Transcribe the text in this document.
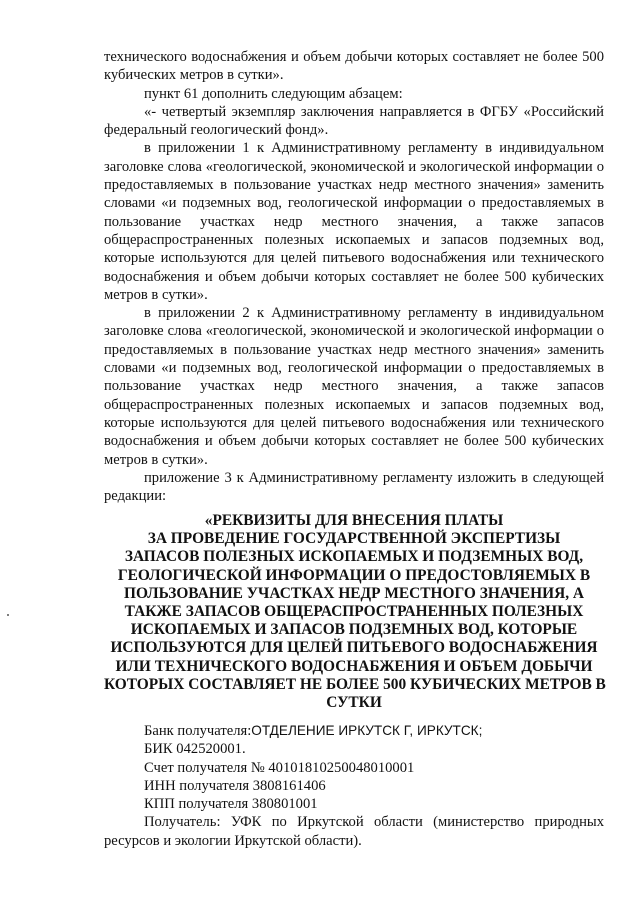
технического водоснабжения и объем добычи которых составляет не более 500 кубических метров в сутки».

пункт 61 дополнить следующим абзацем:

«- четвертый экземпляр заключения направляется в ФГБУ «Российский федеральный геологический фонд».

в приложении 1 к Административному регламенту в индивидуальном заголовке слова «геологической, экономической и экологической информации о предоставляемых в пользование участках недр местного значения» заменить словами «и подземных вод, геологической информации о предоставляемых в пользование участках недр местного значения, а также запасов общераспространенных полезных ископаемых и запасов подземных вод, которые используются для целей питьевого водоснабжения или технического водоснабжения и объем добычи которых составляет не более 500 кубических метров в сутки».

в приложении 2 к Административному регламенту в индивидуальном заголовке слова «геологической, экономической и экологической информации о предоставляемых в пользование участках недр местного значения» заменить словами «и подземных вод, геологической информации о предоставляемых в пользование участках недр местного значения, а также запасов общераспространенных полезных ископаемых и запасов подземных вод, которые используются для целей питьевого водоснабжения или технического водоснабжения и объем добычи которых составляет не более 500 кубических метров в сутки».

приложение 3 к Административному регламенту изложить в следующей редакции:

«РЕКВИЗИТЫ ДЛЯ ВНЕСЕНИЯ ПЛАТЫ
ЗА ПРОВЕДЕНИЕ ГОСУДАРСТВЕННОЙ ЭКСПЕРТИЗЫ
ЗАПАСОВ ПОЛЕЗНЫХ ИСКОПАЕМЫХ И ПОДЗЕМНЫХ ВОД,
ГЕОЛОГИЧЕСКОЙ ИНФОРМАЦИИ О ПРЕДОСТОВЛЯЕМЫХ В
ПОЛЬЗОВАНИЕ УЧАСТКАХ НЕДР МЕСТНОГО ЗНАЧЕНИЯ, А
ТАКЖЕ ЗАПАСОВ ОБЩЕРАСПРОСТРАНЕННЫХ ПОЛЕЗНЫХ
ИСКОПАЕМЫХ И ЗАПАСОВ ПОДЗЕМНЫХ ВОД, КОТОРЫЕ
ИСПОЛЬЗУЮТСЯ ДЛЯ ЦЕЛЕЙ ПИТЬЕВОГО ВОДОСНАБЖЕНИЯ
ИЛИ ТЕХНИЧЕСКОГО ВОДОСНАБЖЕНИЯ И ОБЪЕМ ДОБЫЧИ
КОТОРЫХ СОСТАВЛЯЕТ НЕ БОЛЕЕ 500 КУБИЧЕСКИХ МЕТРОВ В
СУТКИ
Банк получателя:ОТДЕЛЕНИЕ ИРКУТСК Г, ИРКУТСК;
БИК 042520001.
Счет получателя № 40101810250048010001
ИНН получателя 3808161406
КПП получателя 380801001

Получатель: УФК по Иркутской области (министерство природных ресурсов и экологии Иркутской области).
